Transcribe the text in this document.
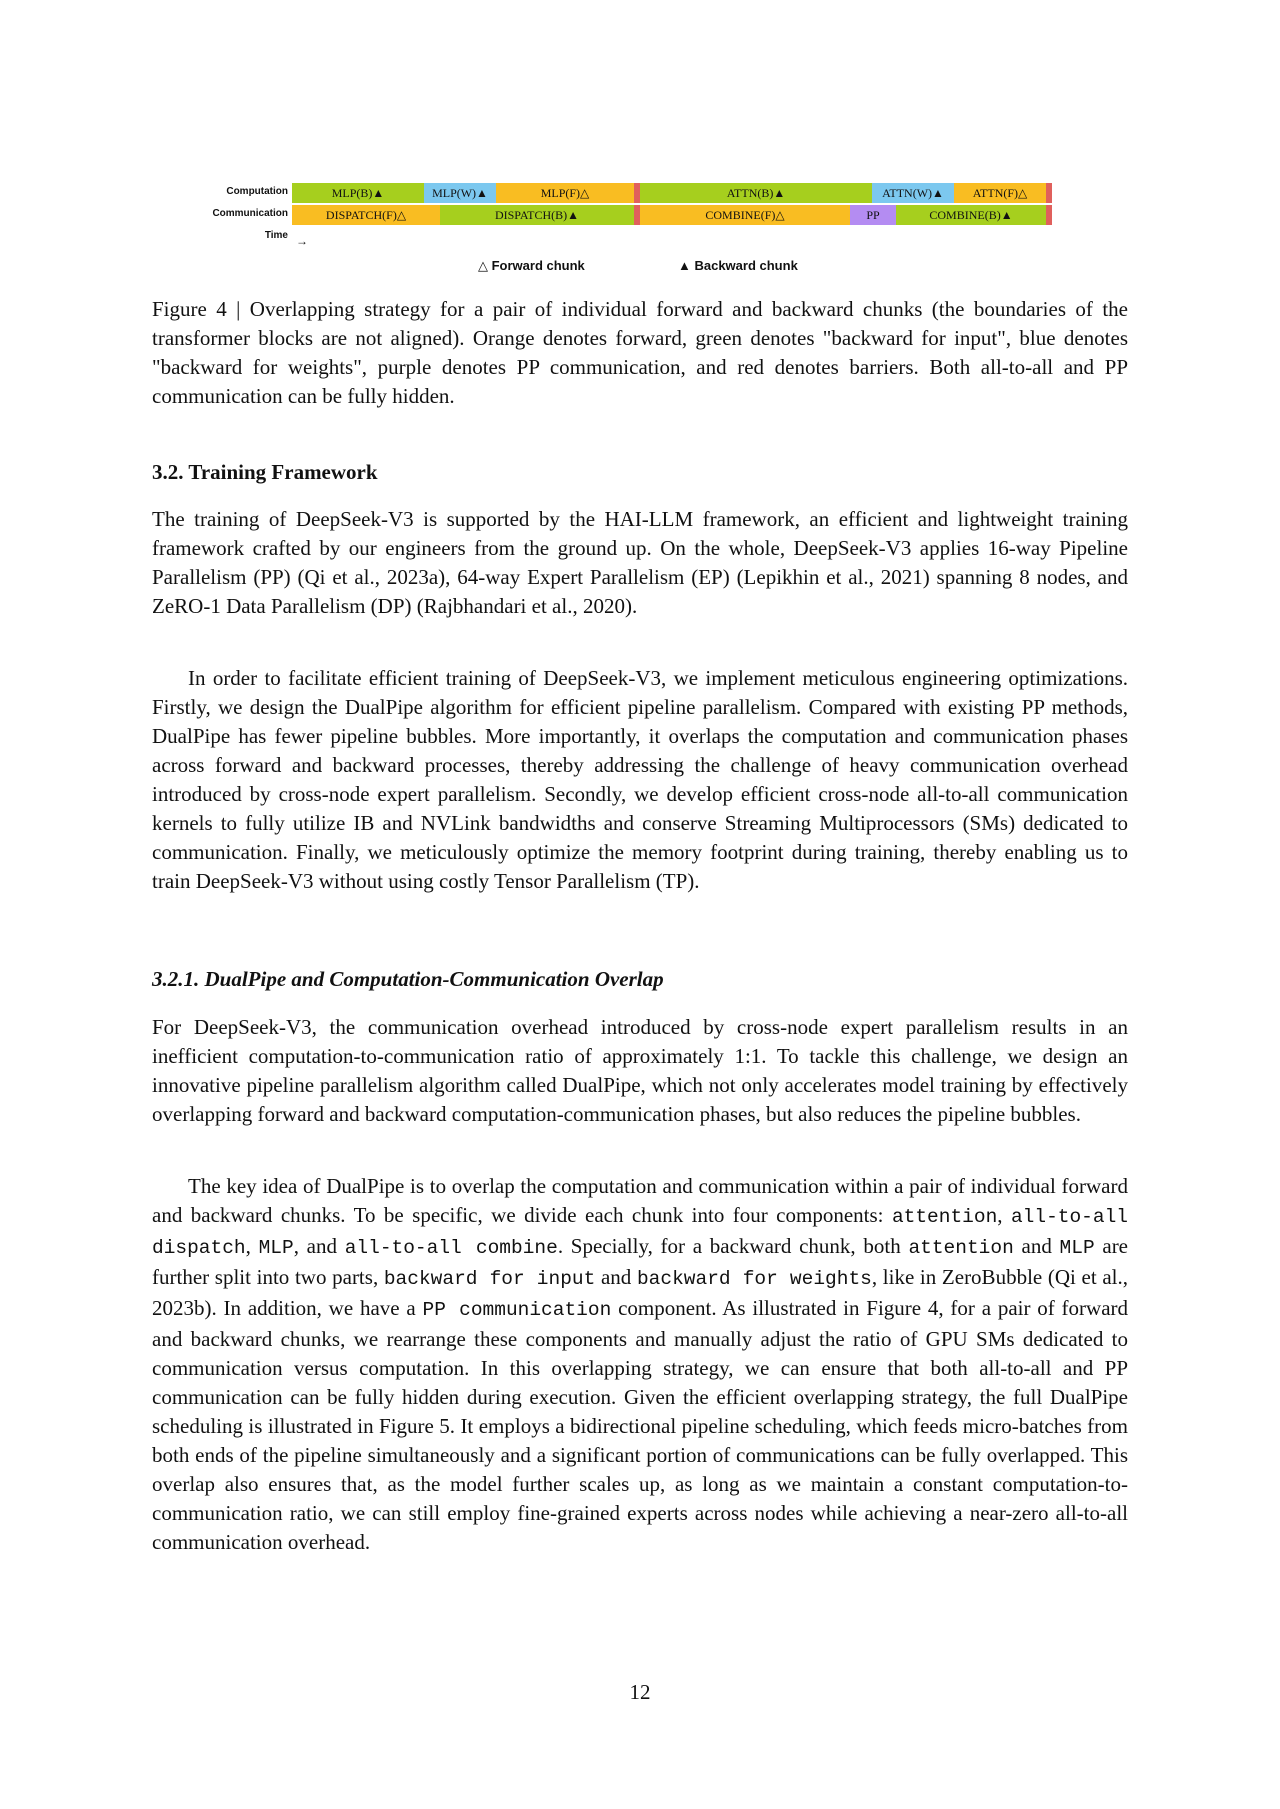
Computation
Communication
Time →
MLP(B)▲	MLP(W)▲	MLP(F)△	ATTN(B)▲	ATTN(W)▲	ATTN(F)△
DISPATCH(F)△	DISPATCH(B)▲	COMBINE(F)△	PP	COMBINE(B)▲
△ Forward chunk	▲ Backward chunk
Figure 4 | Overlapping strategy for a pair of individual forward and backward chunks (the boundaries of the transformer blocks are not aligned). Orange denotes forward, green denotes "backward for input", blue denotes "backward for weights", purple denotes PP communication, and red denotes barriers. Both all-to-all and PP communication can be fully hidden.
3.2. Training Framework
The training of DeepSeek-V3 is supported by the HAI-LLM framework, an efficient and lightweight training framework crafted by our engineers from the ground up. On the whole, DeepSeek-V3 applies 16-way Pipeline Parallelism (PP) (Qi et al., 2023a), 64-way Expert Parallelism (EP) (Lepikhin et al., 2021) spanning 8 nodes, and ZeRO-1 Data Parallelism (DP) (Rajbhandari et al., 2020).
In order to facilitate efficient training of DeepSeek-V3, we implement meticulous engineering optimizations. Firstly, we design the DualPipe algorithm for efficient pipeline parallelism. Compared with existing PP methods, DualPipe has fewer pipeline bubbles. More importantly, it overlaps the computation and communication phases across forward and backward processes, thereby addressing the challenge of heavy communication overhead introduced by cross-node expert parallelism. Secondly, we develop efficient cross-node all-to-all communication kernels to fully utilize IB and NVLink bandwidths and conserve Streaming Multiprocessors (SMs) dedicated to communication. Finally, we meticulously optimize the memory footprint during training, thereby enabling us to train DeepSeek-V3 without using costly Tensor Parallelism (TP).
3.2.1. DualPipe and Computation-Communication Overlap
For DeepSeek-V3, the communication overhead introduced by cross-node expert parallelism results in an inefficient computation-to-communication ratio of approximately 1:1. To tackle this challenge, we design an innovative pipeline parallelism algorithm called DualPipe, which not only accelerates model training by effectively overlapping forward and backward computation-communication phases, but also reduces the pipeline bubbles.
The key idea of DualPipe is to overlap the computation and communication within a pair of individual forward and backward chunks. To be specific, we divide each chunk into four components: attention, all-to-all dispatch, MLP, and all-to-all combine. Specially, for a backward chunk, both attention and MLP are further split into two parts, backward for input and backward for weights, like in ZeroBubble (Qi et al., 2023b). In addition, we have a PP communication component. As illustrated in Figure 4, for a pair of forward and backward chunks, we rearrange these components and manually adjust the ratio of GPU SMs dedicated to communication versus computation. In this overlapping strategy, we can ensure that both all-to-all and PP communication can be fully hidden during execution. Given the efficient overlapping strategy, the full DualPipe scheduling is illustrated in Figure 5. It employs a bidirectional pipeline scheduling, which feeds micro-batches from both ends of the pipeline simultaneously and a significant portion of communications can be fully overlapped. This overlap also ensures that, as the model further scales up, as long as we maintain a constant computation-to-communication ratio, we can still employ fine-grained experts across nodes while achieving a near-zero all-to-all communication overhead.
12
